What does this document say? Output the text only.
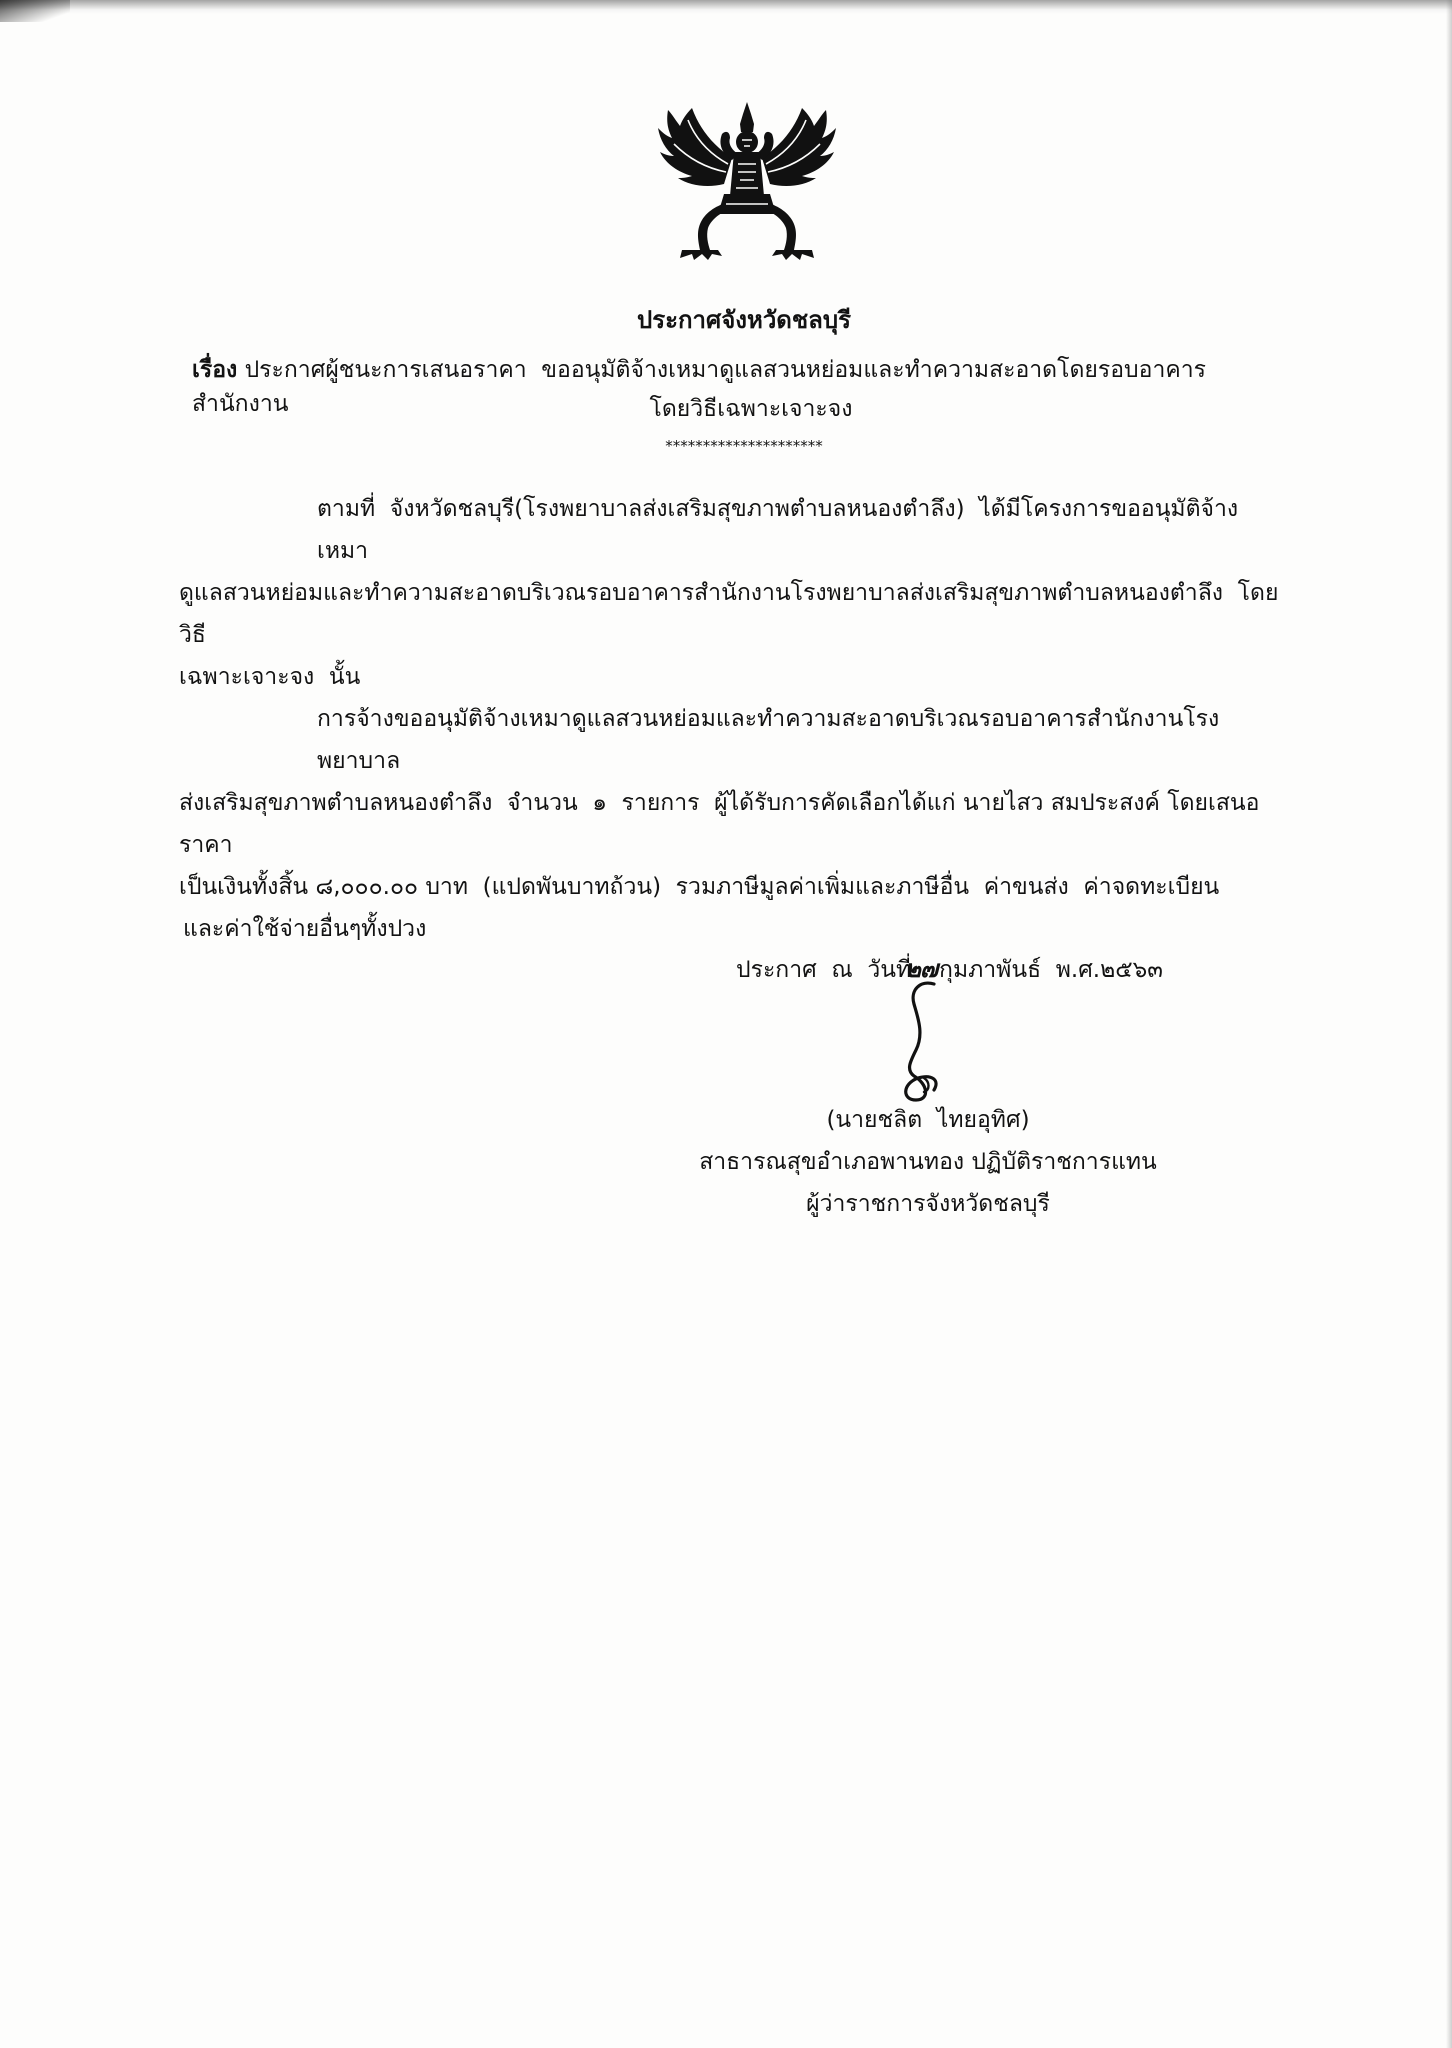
ประกาศจังหวัดชลบุรี
เรื่อง ประกาศผู้ชนะการเสนอราคา  ขออนุมัติจ้างเหมาดูแลสวนหย่อมและทำความสะอาดโดยรอบอาคารสำนักงาน	โดยวิธีเฉพาะเจาะจง
*********************
ตามที่  จังหวัดชลบุรี(โรงพยาบาลส่งเสริมสุขภาพตำบลหนองตำลึง)  ได้มีโครงการขออนุมัติจ้างเหมา
ดูแลสวนหย่อมและทำความสะอาดบริเวณรอบอาคารสำนักงานโรงพยาบาลส่งเสริมสุขภาพตำบลหนองตำลึง  โดยวิธี
เฉพาะเจาะจง  นั้น
การจ้างขออนุมัติจ้างเหมาดูแลสวนหย่อมและทำความสะอาดบริเวณรอบอาคารสำนักงานโรงพยาบาล
ส่งเสริมสุขภาพตำบลหนองตำลึง  จำนวน  ๑  รายการ  ผู้ได้รับการคัดเลือกได้แก่ นายไสว สมประสงค์ โดยเสนอราคา
เป็นเงินทั้งสิ้น ๘,๐๐๐.๐๐ บาท  (แปดพันบาทถ้วน)  รวมภาษีมูลค่าเพิ่มและภาษีอื่น  ค่าขนส่ง  ค่าจดทะเบียน
และค่าใช้จ่ายอื่นๆทั้งปวง
ประกาศ  ณ  วันที่๒๗กุมภาพันธ์  พ.ศ.๒๕๖๓
(นายชลิต  ไทยอุทิศ)
สาธารณสุขอำเภอพานทอง ปฏิบัติราชการแทน
ผู้ว่าราชการจังหวัดชลบุรี
